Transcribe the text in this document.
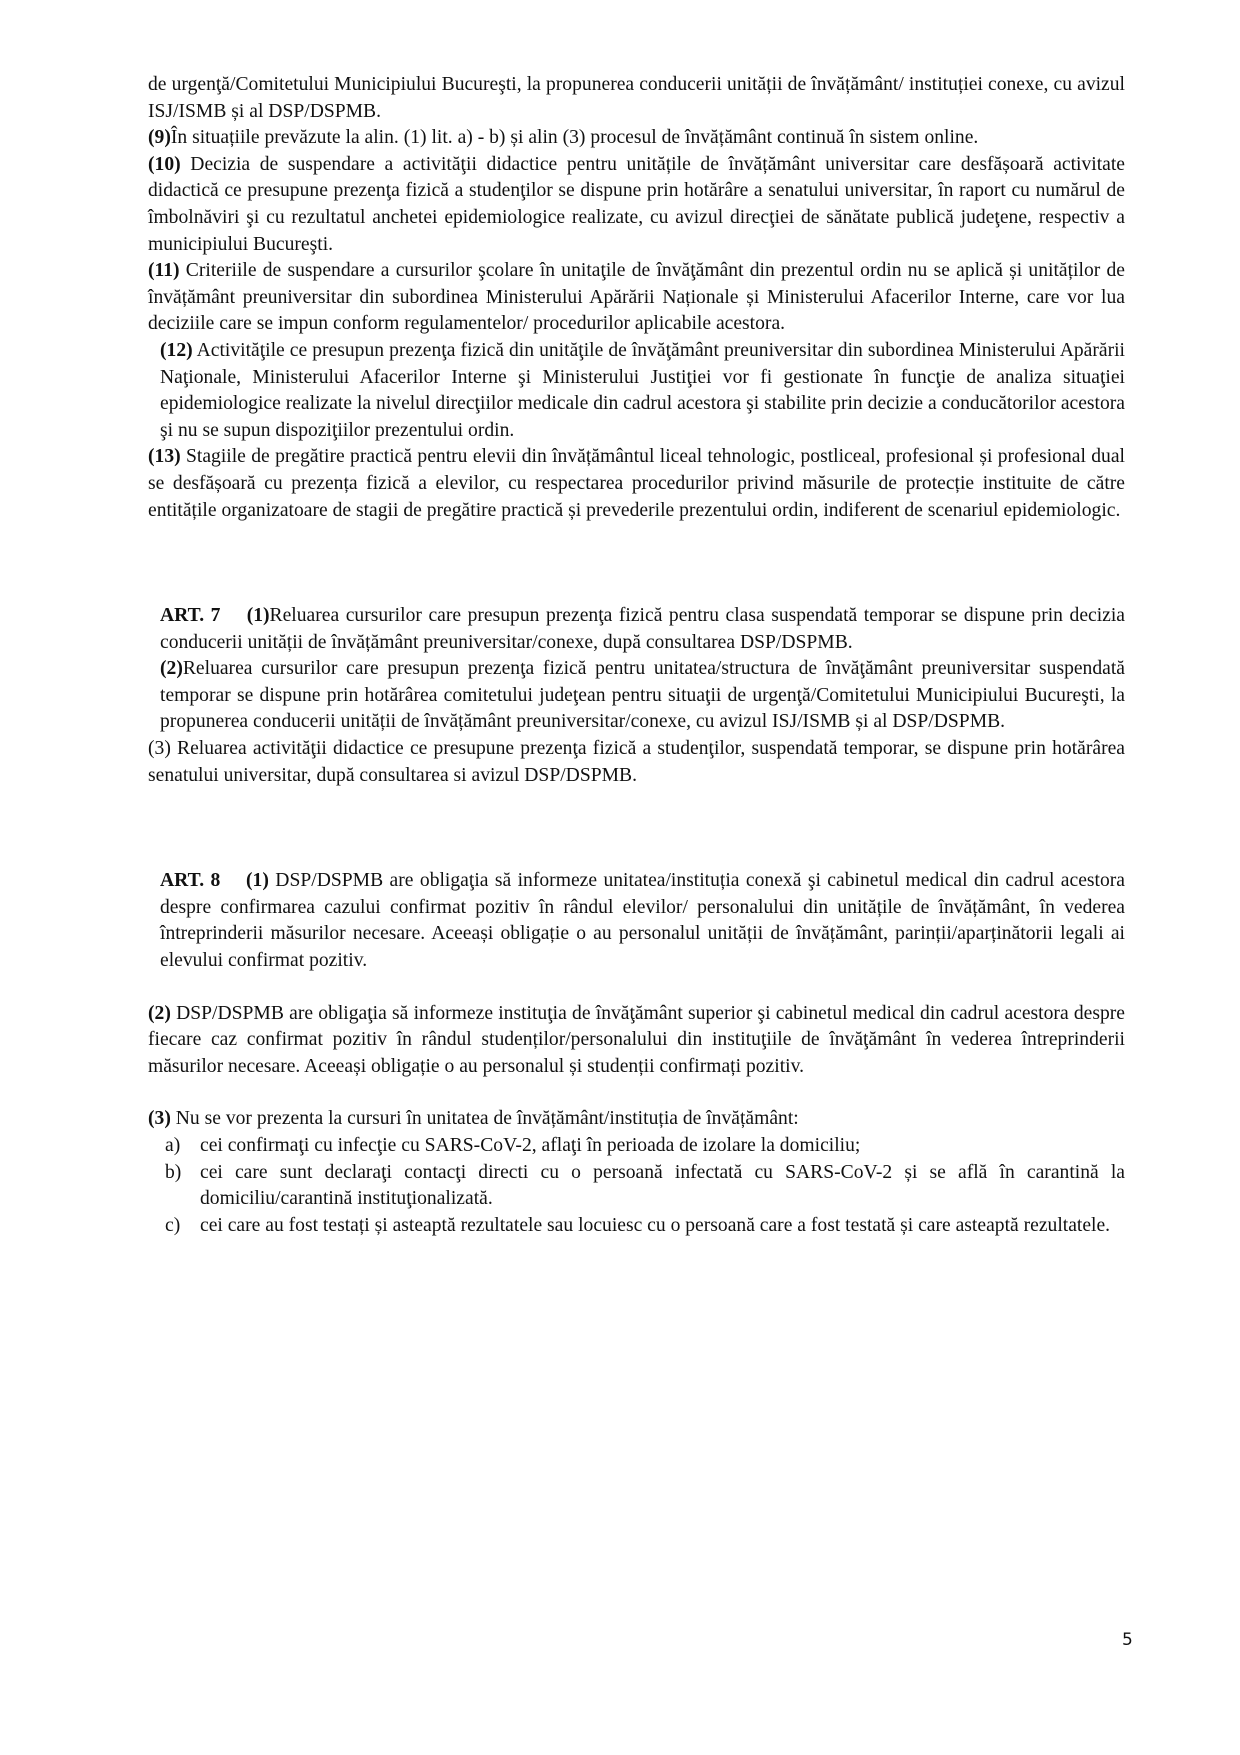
de urgenţă/Comitetului Municipiului Bucureşti, la propunerea conducerii unității de învățământ/ instituției conexe, cu avizul ISJ/ISMB și al DSP/DSPMB.

(9)În situațiile prevăzute la alin. (1) lit. a) - b) și alin (3) procesul de învățământ continuă în sistem online.

(10) Decizia de suspendare a activităţii didactice pentru unitățile de învățământ universitar care desfășoară activitate didactică ce presupune prezenţa fizică a studenţilor se dispune prin hotărâre a senatului universitar, în raport cu numărul de îmbolnăviri şi cu rezultatul anchetei epidemiologice realizate, cu avizul direcţiei de sănătate publică judeţene, respectiv a municipiului Bucureşti.

(11) Criteriile de suspendare a cursurilor şcolare în unitaţile de învăţământ din prezentul ordin nu se aplică și unităților de învățământ preuniversitar din subordinea Ministerului Apărării Naționale și Ministerului Afacerilor Interne, care vor lua deciziile care se impun conform regulamentelor/ procedurilor aplicabile acestora.

(12) Activităţile ce presupun prezenţa fizică din unităţile de învăţământ preuniversitar din subordinea Ministerului Apărării Naţionale, Ministerului Afacerilor Interne şi Ministerului Justiţiei vor fi gestionate în funcţie de analiza situaţiei epidemiologice realizate la nivelul direcţiilor medicale din cadrul acestora şi stabilite prin decizie a conducătorilor acestora şi nu se supun dispoziţiilor prezentului ordin.

(13) Stagiile de pregătire practică pentru elevii din învățământul liceal tehnologic, postliceal, profesional și profesional dual se desfășoară cu prezența fizică a elevilor, cu respectarea procedurilor privind măsurile de protecție instituite de către entitățile organizatoare de stagii de pregătire practică și prevederile prezentului ordin, indiferent de scenariul epidemiologic.

ART. 7 (1)Reluarea cursurilor care presupun prezenţa fizică pentru clasa suspendată temporar se dispune prin decizia conducerii unității de învățământ preuniversitar/conexe, după consultarea DSP/DSPMB.

(2)Reluarea cursurilor care presupun prezenţa fizică pentru unitatea/structura de învăţământ preuniversitar suspendată temporar se dispune prin hotărârea comitetului judeţean pentru situaţii de urgenţă/Comitetului Municipiului Bucureşti, la propunerea conducerii unității de învățământ preuniversitar/conexe, cu avizul ISJ/ISMB și al DSP/DSPMB.

(3) Reluarea activităţii didactice ce presupune prezenţa fizică a studenţilor, suspendată temporar, se dispune prin hotărârea senatului universitar, după consultarea si avizul DSP/DSPMB.

ART. 8 (1) DSP/DSPMB are obligaţia să informeze unitatea/instituția conexă şi cabinetul medical din cadrul acestora despre confirmarea cazului confirmat pozitiv în rândul elevilor/ personalului din unitățile de învățământ, în vederea întreprinderii măsurilor necesare. Aceeași obligație o au personalul unității de învățământ, parinții/aparținătorii legali ai elevului confirmat pozitiv.

(2) DSP/DSPMB are obligaţia să informeze instituţia de învăţământ superior şi cabinetul medical din cadrul acestora despre fiecare caz confirmat pozitiv în rândul studenților/personalului din instituţiile de învăţământ în vederea întreprinderii măsurilor necesare. Aceeași obligație o au personalul și studenții confirmați pozitiv.

(3) Nu se vor prezenta la cursuri în unitatea de învățământ/instituția de învățământ:

a)	cei confirmaţi cu infecţie cu SARS-CoV-2, aflaţi în perioada de izolare la domiciliu;
b) cei care sunt declaraţi contacţi directi cu o persoană infectată cu SARS-CoV-2 și se află în carantină la domiciliu/carantină instituţionalizată.
c)	cei care au fost testați și asteaptă rezultatele sau locuiesc cu o persoană care a fost testată și care asteaptă rezultatele.
5
